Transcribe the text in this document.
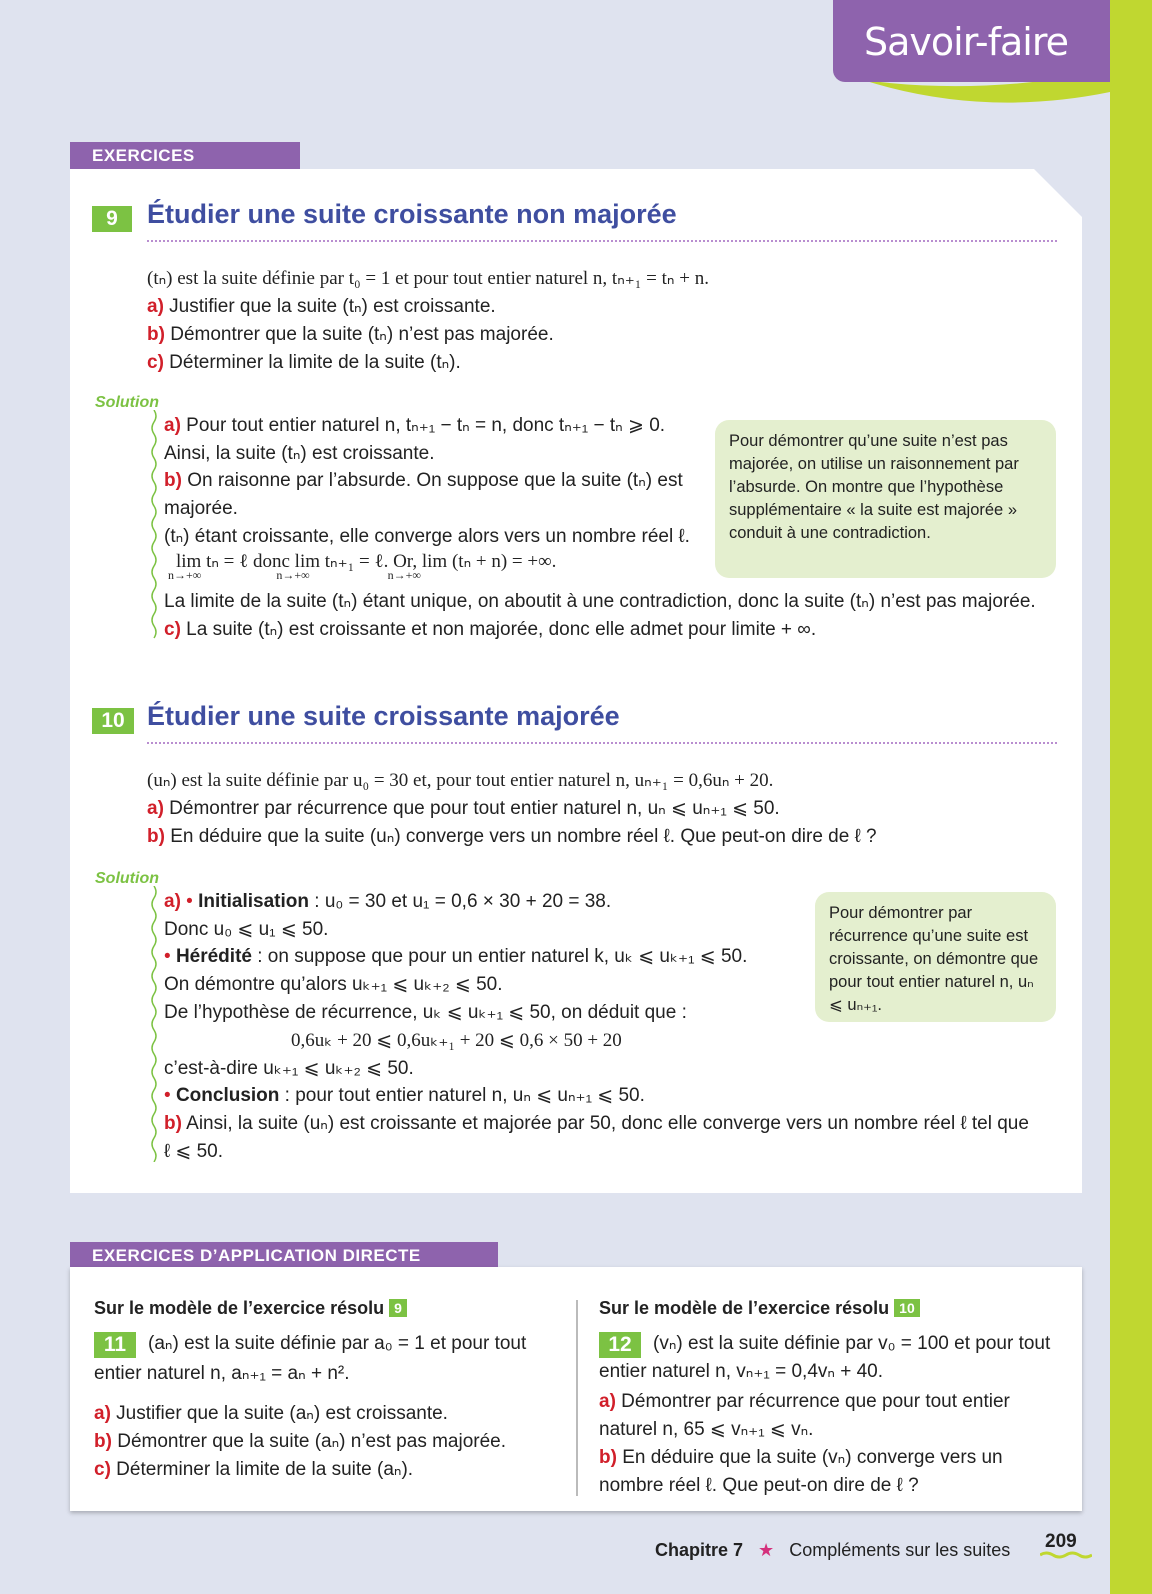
Savoir-faire
EXERCICES
9	Étudier une suite croissante non majorée
(tₙ) est la suite définie par t₀ = 1 et pour tout entier naturel n, tₙ₊₁ = tₙ + n.
a) Justifier que la suite (tₙ) est croissante.
b) Démontrer que la suite (tₙ) n’est pas majorée.
c) Déterminer la limite de la suite (tₙ).
Solution
a) Pour tout entier naturel n, tₙ₊₁ − tₙ = n, donc tₙ₊₁ − tₙ ⩾ 0.
Ainsi, la suite (tₙ) est croissante.
b) On raisonne par l’absurde. On suppose que la suite (tₙ) est
majorée.
(tₙ) étant croissante, elle converge alors vers un nombre réel ℓ.
lim tₙ = ℓ donc lim tₙ₊₁ = ℓ. Or, lim (tₙ + n) = +∞.
n→+∞                         n→+∞                          n→+∞
La limite de la suite (tₙ) étant unique, on aboutit à une contradiction, donc la suite (tₙ) n’est pas majorée.
c) La suite (tₙ) est croissante et non majorée, donc elle admet pour limite + ∞.
Pour démontrer qu’une suite n’est pas majorée, on utilise un raisonnement par l’absurde. On montre que l’hypothèse supplémentaire « la suite est majorée » conduit à une contradiction.
10 Étudier une suite croissante majorée
(uₙ) est la suite définie par u₀ = 30 et, pour tout entier naturel n, uₙ₊₁ = 0,6uₙ + 20.
a) Démontrer par récurrence que pour tout entier naturel n, uₙ ⩽ uₙ₊₁ ⩽ 50.
b) En déduire que la suite (uₙ) converge vers un nombre réel ℓ. Que peut-on dire de ℓ ?
Solution
a) • Initialisation : u₀ = 30 et u₁ = 0,6 × 30 + 20 = 38.
Donc u₀ ⩽ u₁ ⩽ 50.
• Hérédité : on suppose que pour un entier naturel k, uₖ ⩽ uₖ₊₁ ⩽ 50.
On démontre qu’alors uₖ₊₁ ⩽ uₖ₊₂ ⩽ 50.
De l’hypothèse de récurrence, uₖ ⩽ uₖ₊₁ ⩽ 50, on déduit que :
0,6uₖ + 20 ⩽ 0,6uₖ₊₁ + 20 ⩽ 0,6 × 50 + 20
c’est-à-dire uₖ₊₁ ⩽ uₖ₊₂ ⩽ 50.
• Conclusion : pour tout entier naturel n, uₙ ⩽ uₙ₊₁ ⩽ 50.
b) Ainsi, la suite (uₙ) est croissante et majorée par 50, donc elle converge vers un nombre réel ℓ tel que
ℓ ⩽ 50.
Pour démontrer par récurrence qu’une suite est croissante, on démontre que pour tout entier naturel n, uₙ ⩽ uₙ₊₁.
EXERCICES D’APPLICATION DIRECTE
Sur le modèle de l’exercice résolu 9
11	(aₙ) est la suite définie par a₀ = 1 et pour tout
entier naturel n, aₙ₊₁ = aₙ + n².
a) Justifier que la suite (aₙ) est croissante.
b) Démontrer que la suite (aₙ) n’est pas majorée.
c) Déterminer la limite de la suite (aₙ).
Sur le modèle de l’exercice résolu 10
12	(vₙ) est la suite définie par v₀ = 100 et pour tout
entier naturel n, vₙ₊₁ = 0,4vₙ + 40.
a) Démontrer par récurrence que pour tout entier
naturel n, 65 ⩽ vₙ₊₁ ⩽ vₙ.
b) En déduire que la suite (vₙ) converge vers un
nombre réel ℓ. Que peut-on dire de ℓ ?
Chapitre 7 ★ Compléments sur les suites 209
